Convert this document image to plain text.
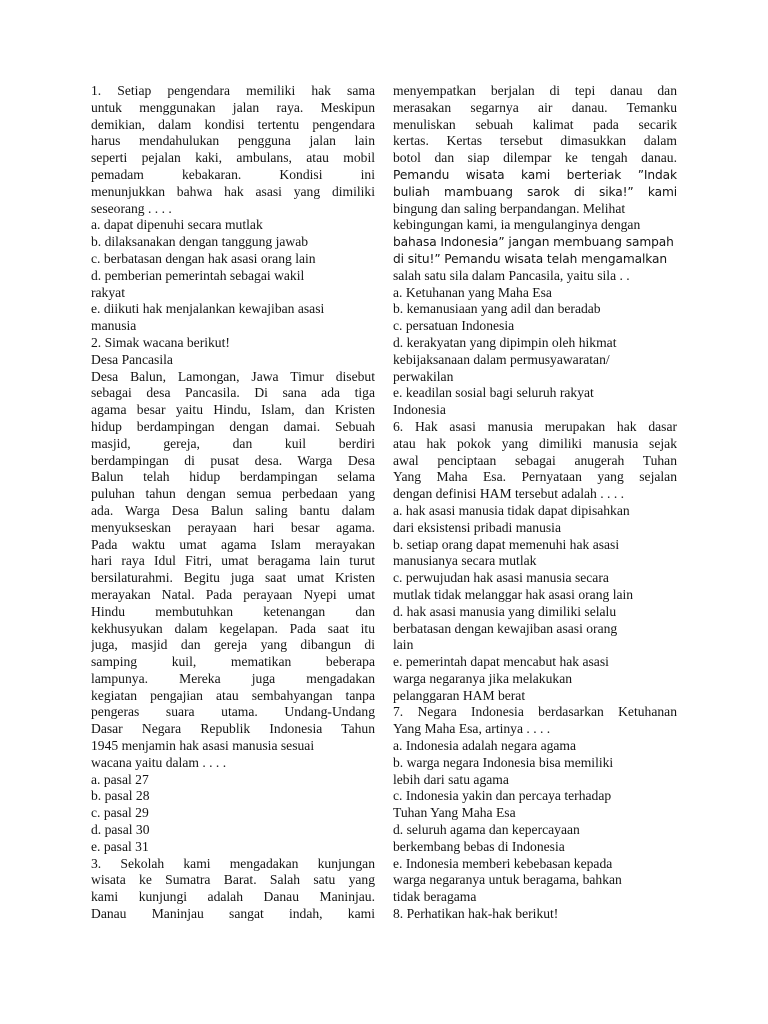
1. Setiap pengendara memiliki hak sama
untuk menggunakan jalan raya. Meskipun
demikian, dalam kondisi tertentu pengendara
harus mendahulukan pengguna jalan lain
seperti pejalan kaki, ambulans, atau mobil
pemadam kebakaran. Kondisi ini
menunjukkan bahwa hak asasi yang dimiliki
seseorang . . . .
a. dapat dipenuhi secara mutlak
b. dilaksanakan dengan tanggung jawab
c. berbatasan dengan hak asasi orang lain
d. pemberian pemerintah sebagai wakil
rakyat
e. diikuti hak menjalankan kewajiban asasi
manusia
2. Simak wacana berikut!
Desa Pancasila
Desa Balun, Lamongan, Jawa Timur disebut
sebagai desa Pancasila. Di sana ada tiga
agama besar yaitu Hindu, Islam, dan Kristen
hidup berdampingan dengan damai. Sebuah
masjid, gereja, dan kuil berdiri
berdampingan di pusat desa. Warga Desa
Balun telah hidup berdampingan selama
puluhan tahun dengan semua perbedaan yang
ada. Warga Desa Balun saling bantu dalam
menyukseskan perayaan hari besar agama.
Pada waktu umat agama Islam merayakan
hari raya Idul Fitri, umat beragama lain turut
bersilaturahmi. Begitu juga saat umat Kristen
merayakan Natal. Pada perayaan Nyepi umat
Hindu membutuhkan ketenangan dan
kekhusyukan dalam kegelapan. Pada saat itu
juga, masjid dan gereja yang dibangun di
samping kuil, mematikan beberapa
lampunya. Mereka juga mengadakan
kegiatan pengajian atau sembahyangan tanpa
pengeras suara utama. Undang-Undang
Dasar Negara Republik Indonesia Tahun
1945 menjamin hak asasi manusia sesuai
wacana yaitu dalam . . . .
a. pasal 27
b. pasal 28
c. pasal 29
d. pasal 30
e. pasal 31
3. Sekolah kami mengadakan kunjungan
wisata ke Sumatra Barat. Salah satu yang
kami kunjungi adalah Danau Maninjau.
Danau Maninjau sangat indah, kami
menyempatkan berjalan di tepi danau dan
merasakan segarnya air danau. Temanku
menuliskan sebuah kalimat pada secarik
kertas. Kertas tersebut dimasukkan dalam
botol dan siap dilempar ke tengah danau.
Pemandu wisata kami berteriak ”Indak
buliah mambuang sarok di sika!” kami
bingung dan saling berpandangan. Melihat
kebingungan kami, ia mengulanginya dengan
bahasa Indonesia” jangan membuang sampah
di situ!” Pemandu wisata telah mengamalkan
salah satu sila dalam Pancasila, yaitu sila . .
a. Ketuhanan yang Maha Esa
b. kemanusiaan yang adil dan beradab
c. persatuan Indonesia
d. kerakyatan yang dipimpin oleh hikmat
kebijaksanaan dalam permusyawaratan/
perwakilan
e. keadilan sosial bagi seluruh rakyat
Indonesia
6. Hak asasi manusia merupakan hak dasar
atau hak pokok yang dimiliki manusia sejak
awal penciptaan sebagai anugerah Tuhan
Yang Maha Esa. Pernyataan yang sejalan
dengan definisi HAM tersebut adalah . . . .
a. hak asasi manusia tidak dapat dipisahkan
dari eksistensi pribadi manusia
b. setiap orang dapat memenuhi hak asasi
manusianya secara mutlak
c. perwujudan hak asasi manusia secara
mutlak tidak melanggar hak asasi orang lain
d. hak asasi manusia yang dimiliki selalu
berbatasan dengan kewajiban asasi orang
lain
e. pemerintah dapat mencabut hak asasi
warga negaranya jika melakukan
pelanggaran HAM berat
7. Negara Indonesia berdasarkan Ketuhanan
Yang Maha Esa, artinya . . . .
a. Indonesia adalah negara agama
b. warga negara Indonesia bisa memiliki
lebih dari satu agama
c. Indonesia yakin dan percaya terhadap
Tuhan Yang Maha Esa
d. seluruh agama dan kepercayaan
berkembang bebas di Indonesia
e. Indonesia memberi kebebasan kepada
warga negaranya untuk beragama, bahkan
tidak beragama
8. Perhatikan hak-hak berikut!
